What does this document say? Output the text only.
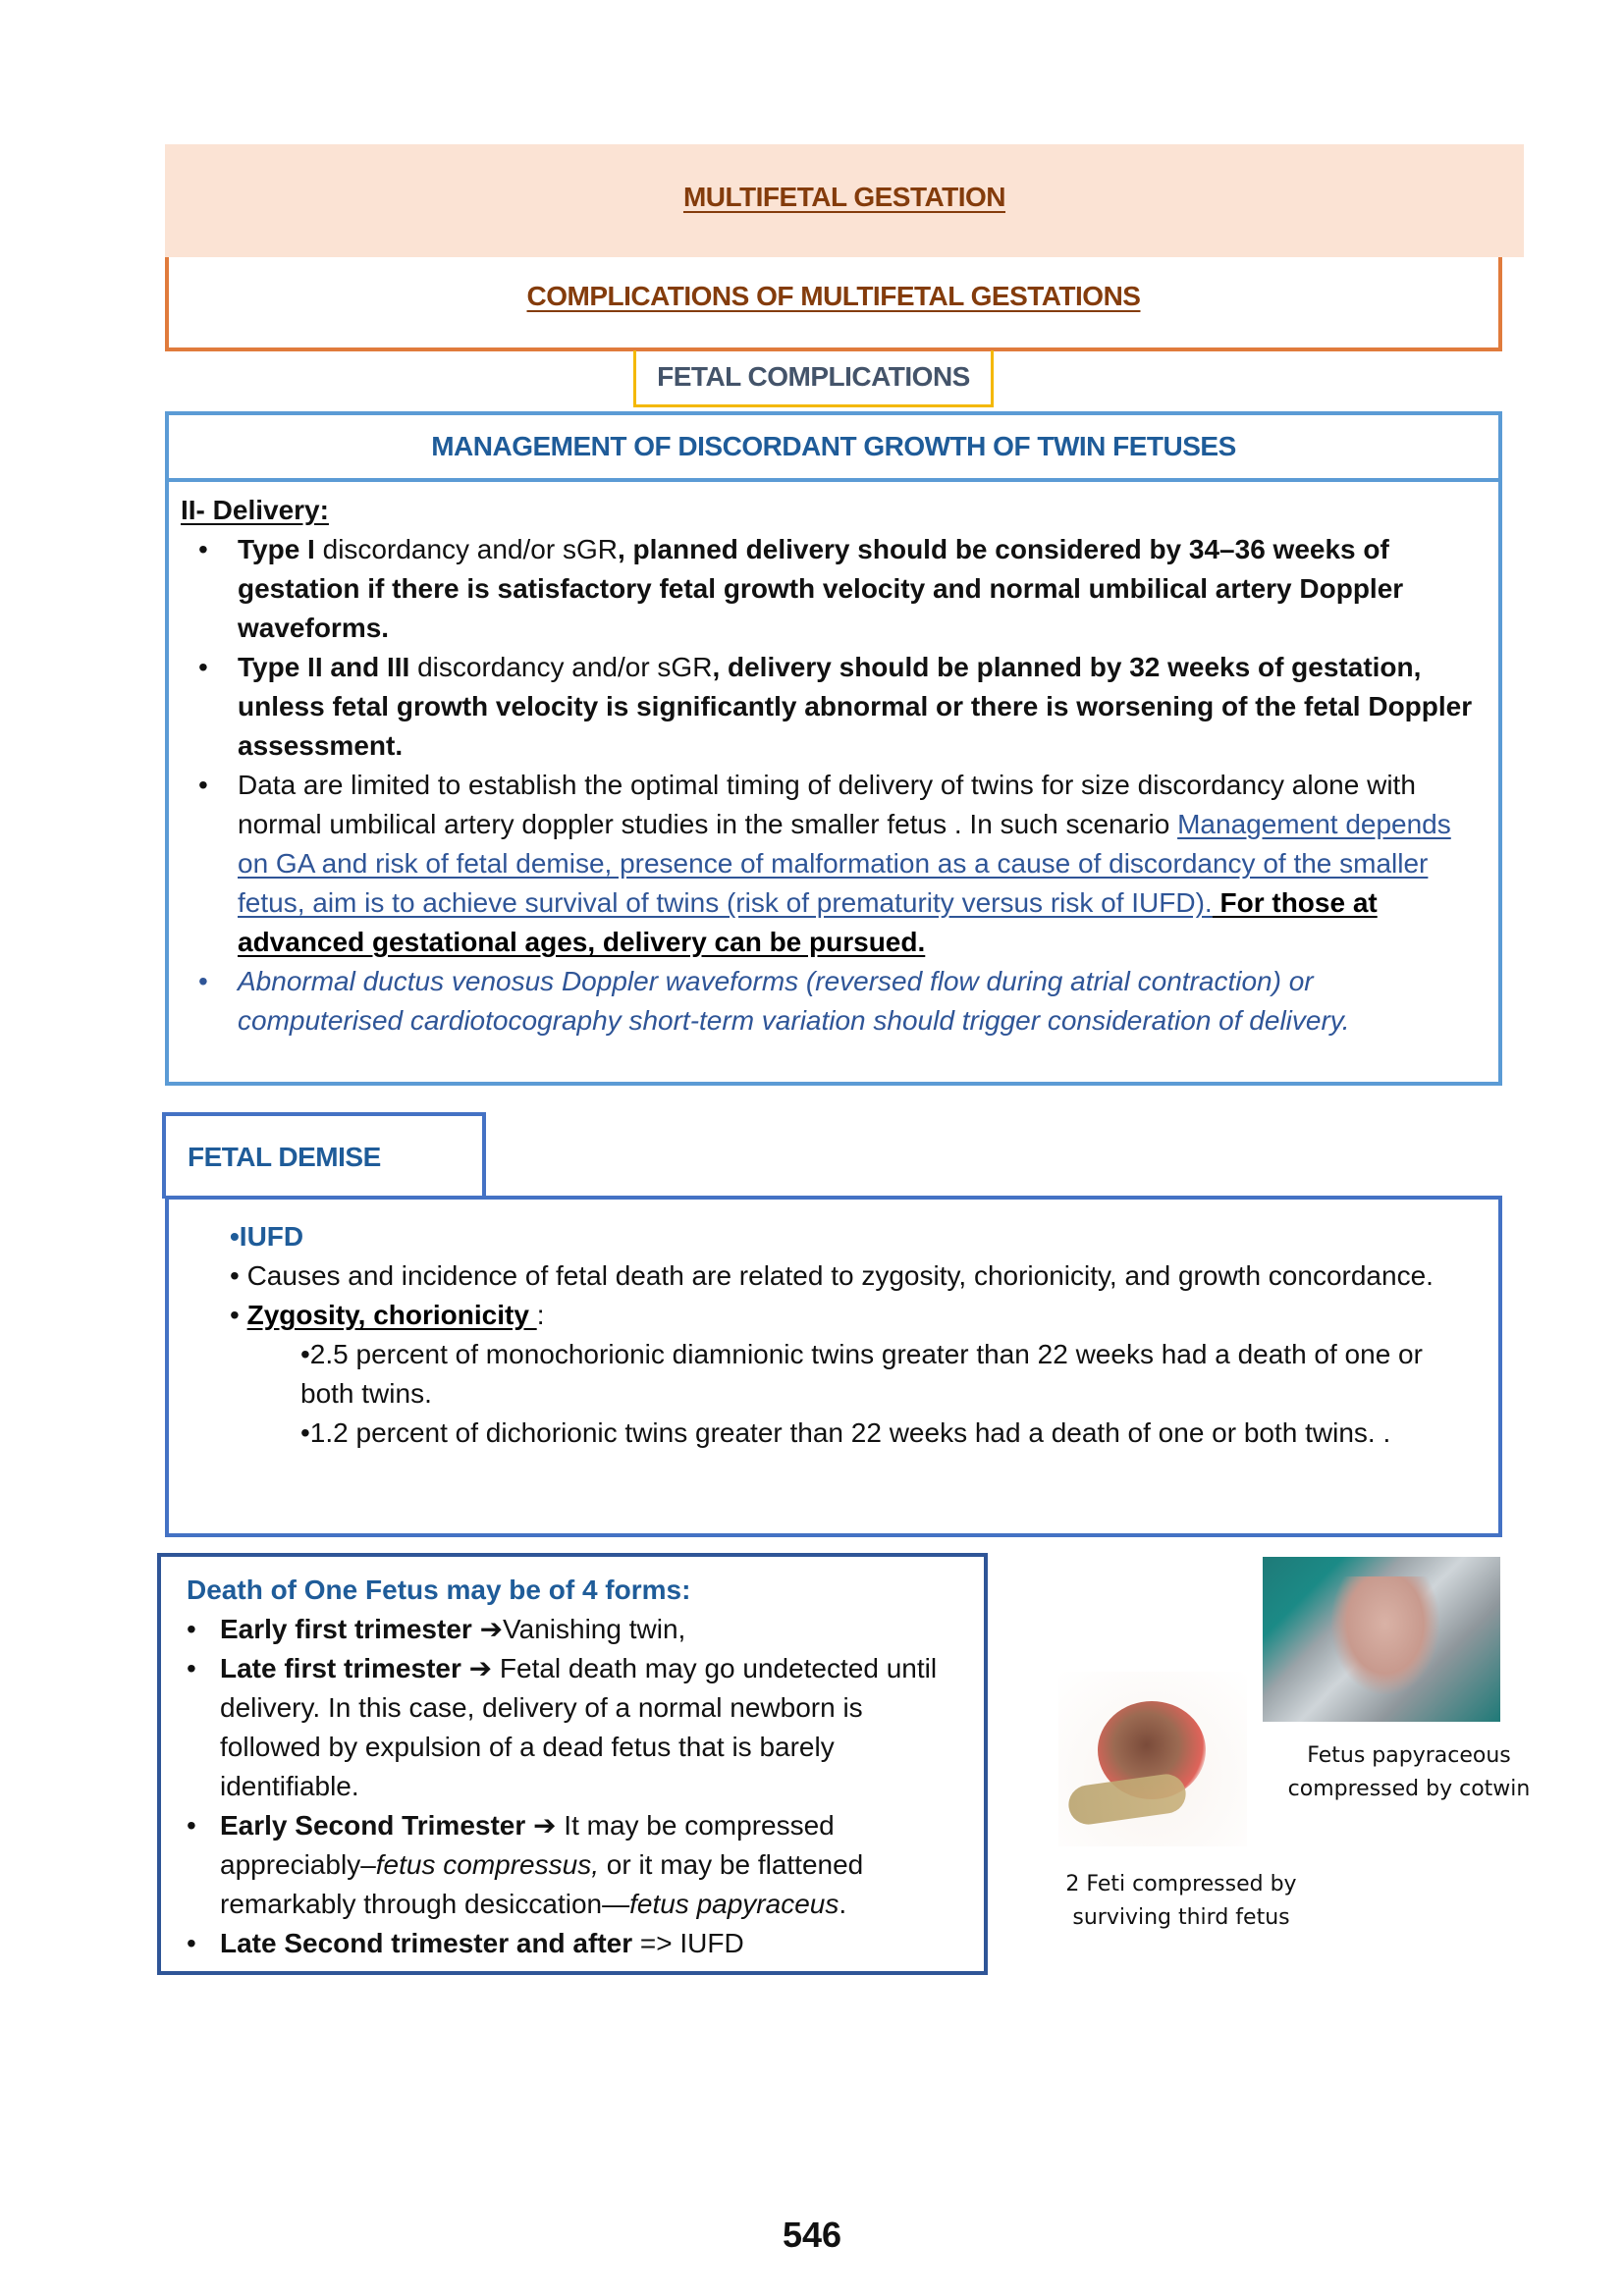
MULTIFETAL GESTATION
COMPLICATIONS OF MULTIFETAL GESTATIONS
FETAL COMPLICATIONS
MANAGEMENT OF DISCORDANT GROWTH OF TWIN FETUSES
II- Delivery:
• Type I discordancy and/or sGR, planned delivery should be considered by 34–36 weeks of gestation if there is satisfactory fetal growth velocity and normal umbilical artery Doppler waveforms.
• Type II and III discordancy and/or sGR, delivery should be planned by 32 weeks of gestation, unless fetal growth velocity is significantly abnormal or there is worsening of the fetal Doppler assessment.
• Data are limited to establish the optimal timing of delivery of twins for size discordancy alone with normal umbilical artery doppler studies in the smaller fetus . In such scenario Management depends on GA and risk of fetal demise, presence of malformation as a cause of discordancy of the smaller fetus, aim is to achieve survival of twins (risk of prematurity versus risk of IUFD). For those at advanced gestational ages, delivery can be pursued.
• Abnormal ductus venosus Doppler waveforms (reversed flow during atrial contraction) or computerised cardiotocography short-term variation should trigger consideration of delivery.
FETAL DEMISE
•IUFD
• Causes and incidence of fetal death are related to zygosity, chorionicity, and growth concordance.
• Zygosity, chorionicity :
•2.5 percent of monochorionic diamnionic twins greater than 22 weeks had a death of one or both twins.
•1.2 percent of dichorionic twins greater than 22 weeks had a death of one or both twins. .
Death of One Fetus may be of 4 forms:
• Early first trimester ➔Vanishing twin,
• Late first trimester ➔ Fetal death may go undetected until delivery. In this case, delivery of a normal newborn is followed by expulsion of a dead fetus that is barely identifiable.
• Early Second Trimester ➔ It may be compressed appreciably–fetus compressus, or it may be flattened remarkably through desiccation—fetus papyraceus.
• Late Second trimester and after => IUFD
Fetus papyraceous compressed by cotwin
2 Feti compressed by surviving third fetus
546
